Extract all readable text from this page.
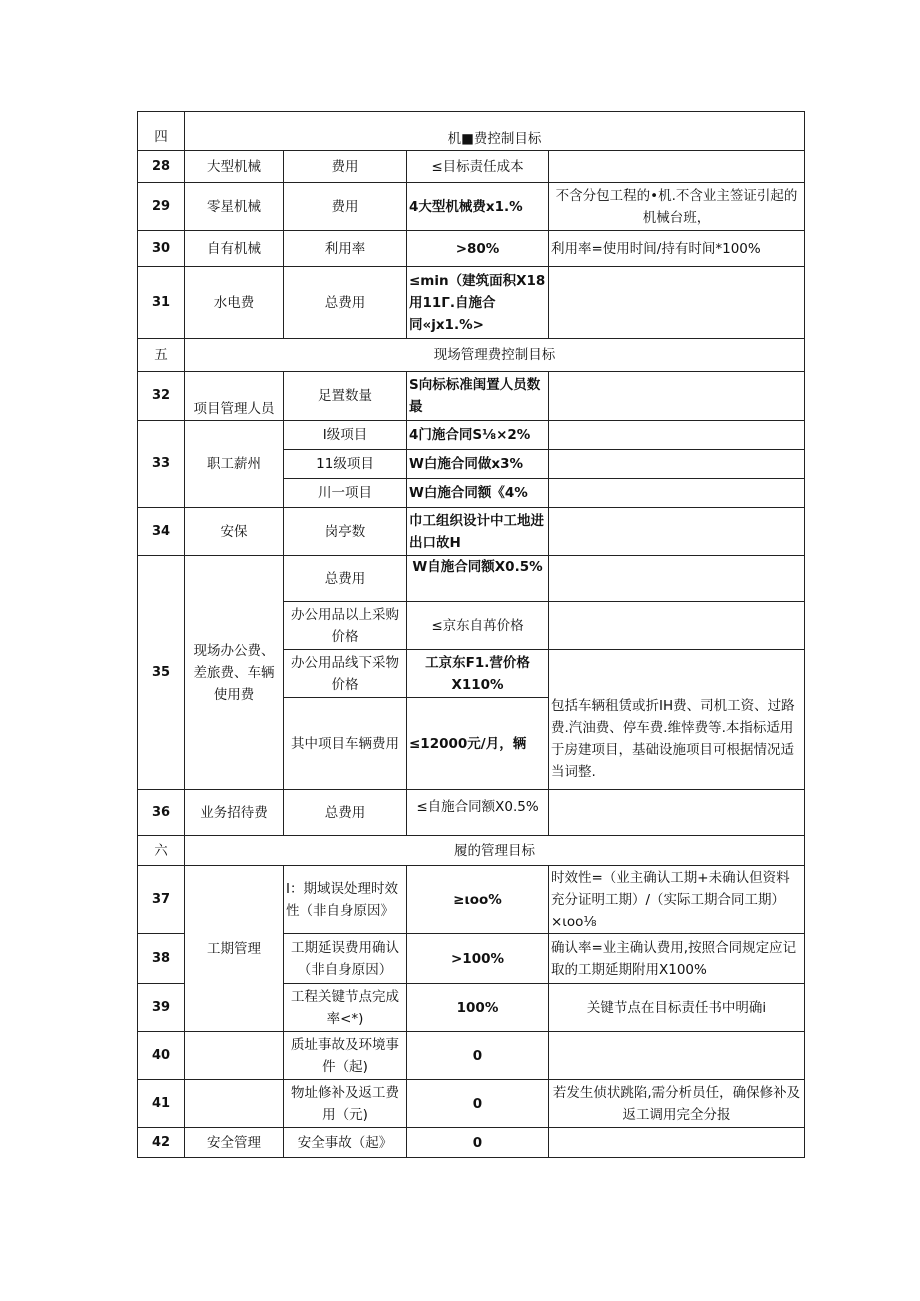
四	机■费控制目标			
28	大型机械	费用	≤目标责任成本	
29	零星机械	费用	4大型机械费x1.%	不含分包工程的•机.不含业主签证引起的机械台班，
30	自有机械	利用率	>80%	利用率=使用时间/持有时间*100%
31	水电费	总费用	≤min（建筑面积X18用11Γ.自施合同«jx1.%>	
五	现场管理费控制目标			
32	项目管理人员	足置数量	S向标标准闺置人员数最	
33	职工薪州	I级项目	4门施合同S⅛×2%	
		11级项目	W白施合同做x3%	
		川一项目	W白施合同额《4%	
34	安保	岗亭数	巾工组织设计中工地进出口故H	
35	现场办公费、差旅费、车辆使用费	总费用	W自施合同额X0.5%	
		办公用品以上采购价格	≤京东自苒价格	
		办公用品线下采物价格	工京东F1.营价格X110%	包括车辆租赁或折IH费、司机工资、过路费.汽油费、停车费.维悻费等.本指标适用于房建项目，基础设施项目可根据情况适当词整.
		其中项目车辆费用	≤12000元/月，辆	
36	业务招待费	总费用	≤自施合同额X0.5%	
六	履的管理目标			
37	工期管理	I：期域误处理时效性（非自身原因》	≥ιoo%	时效性=（业主确认工期+未确认但资料充分证明工期）/（实际工期合同工期）×ιoo⅛
38		工期延误费用确认（非自身原因）	>100%	确认率=业主确认费用,按照合同规定应记取的工期延期附用X100%
39		工程关键节点完成率<*)	100%	关键节点在目标责任书中明确i
40		质址事故及环境事件（起)	0	
41		物址修补及返工费用（元)	0	若发生侦状跳陷,需分析员任，确保修补及返工调用完全分报
42	安全管理	安全事故（起》	0	
